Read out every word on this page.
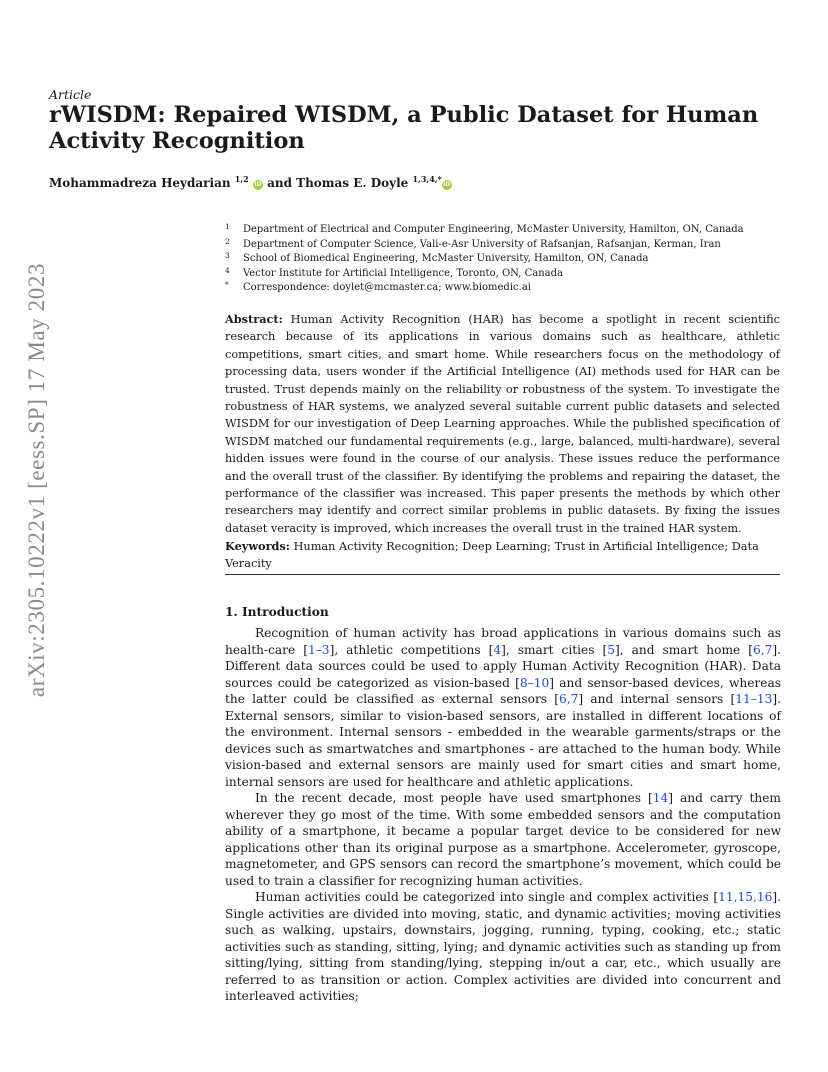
arXiv:2305.10222v1 [eess.SP] 17 May 2023
Article
rWISDM: Repaired WISDM, a Public Dataset for Human Activity Recognition
Mohammadreza Heydarian $^{1,2}$ iD and Thomas E. Doyle $^{1,3,4,*}$iD
1 Department of Electrical and Computer Engineering, McMaster University, Hamilton, ON, Canada
2 Department of Computer Science, Vali-e-Asr University of Rafsanjan, Rafsanjan, Kerman, Iran
3 School of Biomedical Engineering, McMaster University, Hamilton, ON, Canada
4 Vector Institute for Artificial Intelligence, Toronto, ON, Canada
* Correspondence: doylet@mcmaster.ca; www.biomedic.ai

Abstract: Human Activity Recognition (HAR) has become a spotlight in recent scientific research because of its applications in various domains such as healthcare, athletic competitions, smart cities, and smart home. While researchers focus on the methodology of processing data, users wonder if the Artificial Intelligence (AI) methods used for HAR can be trusted. Trust depends mainly on the reliability or robustness of the system. To investigate the robustness of HAR systems, we analyzed several suitable current public datasets and selected WISDM for our investigation of Deep Learning approaches. While the published specification of WISDM matched our fundamental requirements (e.g., large, balanced, multi-hardware), several hidden issues were found in the course of our analysis. These issues reduce the performance and the overall trust of the classifier. By identifying the problems and repairing the dataset, the performance of the classifier was increased. This paper presents the methods by which other researchers may identify and correct similar problems in public datasets. By fixing the issues dataset veracity is improved, which increases the overall trust in the trained HAR system.

Keywords: Human Activity Recognition; Deep Learning; Trust in Artificial Intelligence; Data Veracity
1. Introduction

Recognition of human activity has broad applications in various domains such as health-care [1–3], athletic competitions [4], smart cities [5], and smart home [6,7]. Different data sources could be used to apply Human Activity Recognition (HAR). Data sources could be categorized as vision-based [8–10] and sensor-based devices, whereas the latter could be classified as external sensors [6,7] and internal sensors [11–13]. External sensors, similar to vision-based sensors, are installed in different locations of the environment. Internal sensors - embedded in the wearable garments/straps or the devices such as smartwatches and smartphones - are attached to the human body. While vision-based and external sensors are mainly used for smart cities and smart home, internal sensors are used for healthcare and athletic applications.

In the recent decade, most people have used smartphones [14] and carry them wherever they go most of the time. With some embedded sensors and the computation ability of a smartphone, it became a popular target device to be considered for new applications other than its original purpose as a smartphone. Accelerometer, gyroscope, magnetometer, and GPS sensors can record the smartphone’s movement, which could be used to train a classifier for recognizing human activities.

Human activities could be categorized into single and complex activities [11,15,16]. Single activities are divided into moving, static, and dynamic activities; moving activities such as walking, upstairs, downstairs, jogging, running, typing, cooking, etc.; static activities such as standing, sitting, lying; and dynamic activities such as standing up from sitting/lying, sitting from standing/lying, stepping in/out a car, etc., which usually are referred to as transition or action. Complex activities are divided into concurrent and interleaved activities;
